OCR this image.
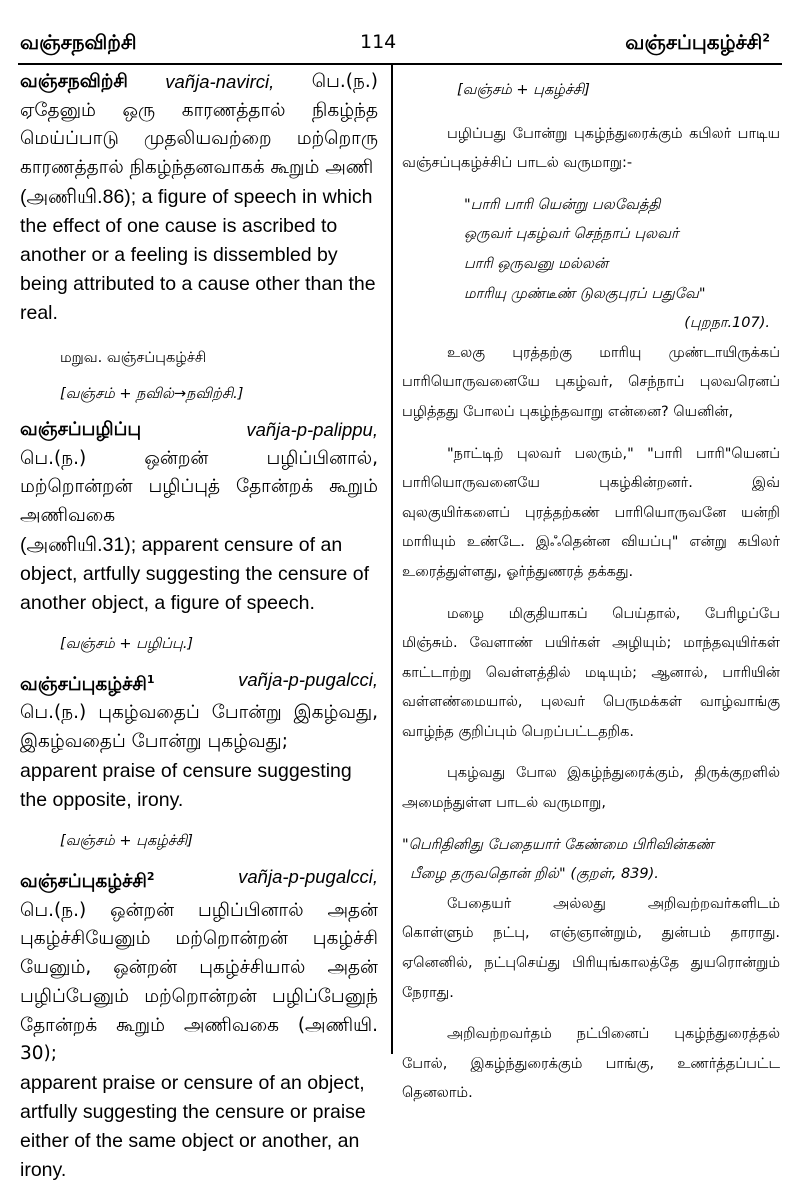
வஞ்சநவிற்சி	114	வஞ்சப்புகழ்ச்சி$^2$
வஞ்சநவிற்சி vañja-navirci, பெ.(ந.)
ஏதேனும் ஒரு காரணத்தால் நிகழ்ந்த மெய்ப்பாடு முதலியவற்றை மற்றொரு காரணத்தால் நிகழ்ந்தனவாகக் கூறும் அணி
(அணியி.86); a figure of speech in which the effect of one cause is ascribed to another or a feeling is dissembled by being attributed to a cause other than the real.
மறுவ. வஞ்சப்புகழ்ச்சி
[வஞ்சம் + நவில்→நவிற்சி.]
வஞ்சப்பழிப்பு	vañja-p-palippu,
பெ.(ந.) ஒன்றன் பழிப்பினால், மற்றொன்றன் பழிப்புத் தோன்றக் கூறும் அணிவகை
(அணியி.31); apparent censure of an object, artfully suggesting the censure of another object, a figure of speech.
[வஞ்சம் + பழிப்பு.]
வஞ்சப்புகழ்ச்சி$^1$	vañja-p-pugalcci,
பெ.(ந.) புகழ்வதைப் போன்று இகழ்வது, இகழ்வதைப் போன்று புகழ்வது;
apparent praise of censure suggesting the opposite, irony.
[வஞ்சம் + புகழ்ச்சி]
வஞ்சப்புகழ்ச்சி$^2$	vañja-p-pugalcci,
பெ.(ந.) ஒன்றன் பழிப்பினால் அதன் புகழ்ச்சியேனும் மற்றொன்றன் புகழ்ச்சி யேனும், ஒன்றன் புகழ்ச்சியால் அதன் பழிப்பேனும் மற்றொன்றன் பழிப்பேனுந் தோன்றக் கூறும் அணிவகை (அணியி. 30);
apparent praise or censure of an object, artfully suggesting the censure or praise either of the same object or another, an irony.
[வஞ்சம் + புகழ்ச்சி]

பழிப்பது போன்று புகழ்ந்துரைக்கும் கபிலர் பாடிய வஞ்சப்புகழ்ச்சிப் பாடல் வருமாறு:-

"பாரி பாரி யென்று பலவேத்தி
ஒருவர் புகழ்வர் செந்நாப் புலவர்
பாரி ஒருவனு மல்லன்
மாரியு முண்டீண் டுலகுபுரப் பதுவே"
(புறநா.107).

உலகு புரத்தற்கு மாரியு முண்டாயிருக்கப் பாரியொருவனையே புகழ்வர், செந்நாப் புலவரெனப் பழித்தது போலப் புகழ்ந்தவாறு என்னை? யெனின்,

"நாட்டிற் புலவர் பலரும்," "பாரி பாரி"யெனப் பாரியொருவனையே புகழ்கின்றனர். இவ் வுலகுயிர்களைப் புரத்தற்கண் பாரியொருவனே யன்றி மாரியும் உண்டே. இஃதென்ன வியப்பு" என்று கபிலர் உரைத்துள்ளது, ஓர்ந்துணரத் தக்கது.

மழை மிகுதியாகப் பெய்தால், பேரிழப்பே மிஞ்சும். வேளாண் பயிர்கள் அழியும்; மாந்தவுயிர்கள் காட்டாற்று வெள்ளத்தில் மடியும்; ஆனால், பாரியின் வள்ளண்மையால், புலவர் பெருமக்கள் வாழ்வாங்கு வாழ்ந்த குறிப்பும் பெறப்பட்டதறிக.

புகழ்வது போல இகழ்ந்துரைக்கும், திருக்குறளில் அமைந்துள்ள பாடல் வருமாறு,

"பெரிதினிது பேதையார் கேண்மை பிரிவின்கண்
பீழை தருவதொன் றில்" (குறள், 839).

பேதையர் அல்லது அறிவற்றவர்களிடம் கொள்ளும் நட்பு, எஞ்ஞான்றும், துன்பம் தாராது. ஏனெனில், நட்புசெய்து பிரியுங்காலத்தே துயரொன்றும் நேராது.

அறிவற்றவர்தம் நட்பினைப் புகழ்ந்துரைத்தல் போல், இகழ்ந்துரைக்கும் பாங்கு, உணர்த்தப்பட்ட தெனலாம்.
